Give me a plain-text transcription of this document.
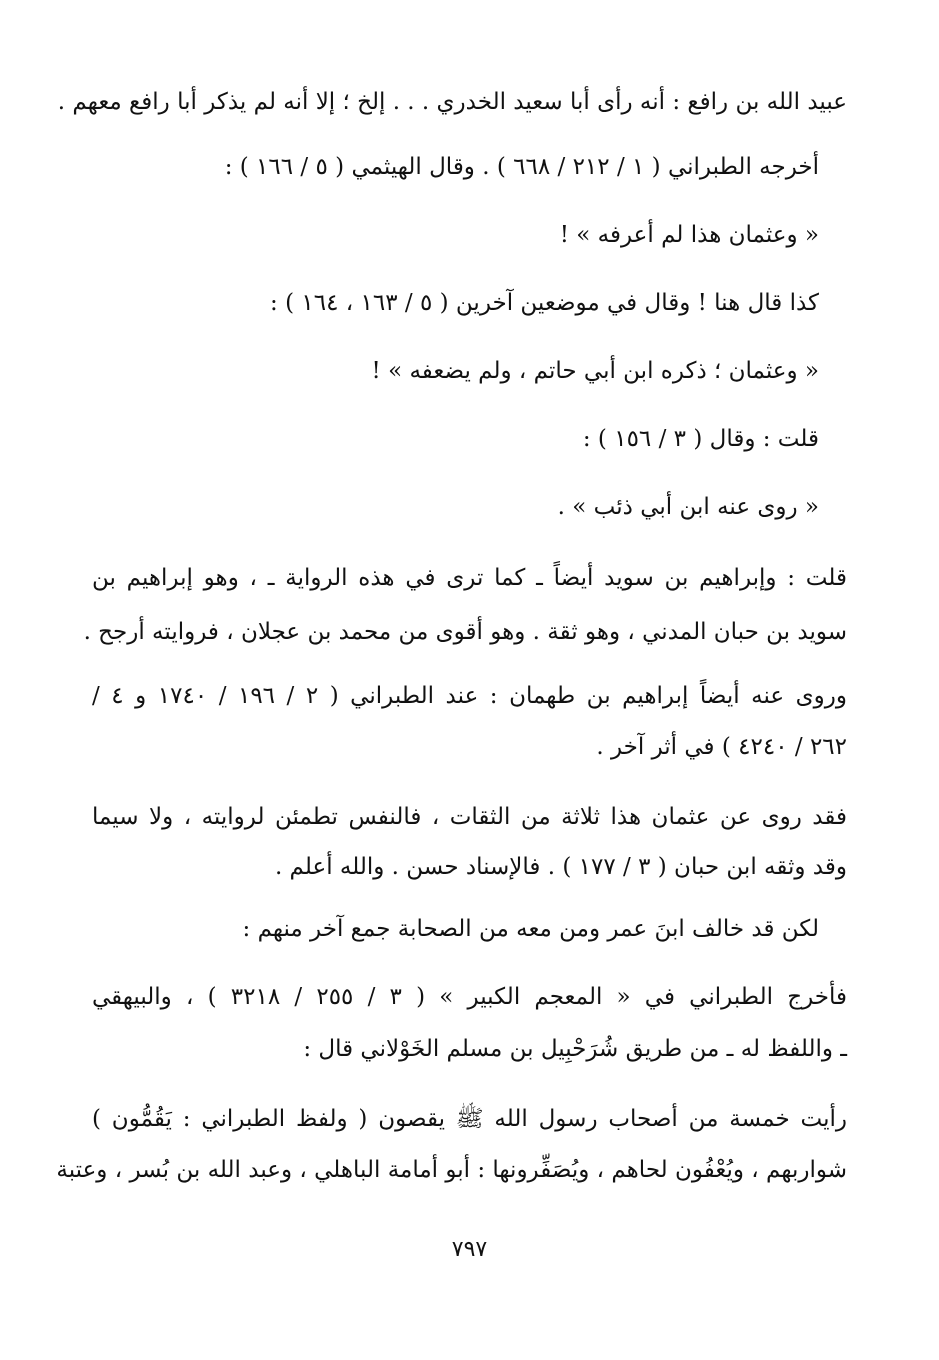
عبيد الله بن رافع : أنه رأى أبا سعيد الخدري . . . إلخ ؛ إلا أنه لم يذكر أبا رافع معهم .
أخرجه الطبراني ( ١ / ٢١٢ / ٦٦٨ ) . وقال الهيثمي ( ٥ / ١٦٦ ) :
« وعثمان هذا لم أعرفه » !
كذا قال هنا ! وقال في موضعين آخرين ( ٥ / ١٦٣ ، ١٦٤ ) :
« وعثمان ؛ ذكره ابن أبي حاتم ، ولم يضعفه » !
قلت : وقال ( ٣ / ١٥٦ ) :
« روى عنه ابن أبي ذئب » .
قلت : وإبراهيم بن سويد أيضاً ـ كما ترى في هذه الرواية ـ ، وهو إبراهيم بن
سويد بن حبان المدني ، وهو ثقة . وهو أقوى من محمد بن عجلان ، فروايته أرجح .
وروى عنه أيضاً إبراهيم بن طهمان : عند الطبراني ( ٢ / ١٩٦ / ١٧٤٠ و ٤ /
٢٦٢ / ٤٢٤٠ ) في أثر آخر .
فقد روى عن عثمان هذا ثلاثة من الثقات ، فالنفس تطمئن لروايته ، ولا سيما
وقد وثقه ابن حبان ( ٣ / ١٧٧ ) . فالإسناد حسن . والله أعلم .
لكن قد خالف ابنَ عمر ومن معه من الصحابة جمع آخر منهم :
فأخرج الطبراني في « المعجم الكبير » ( ٣ / ٢٥٥ / ٣٢١٨ ) ، والبيهقي
ـ واللفظ له ـ من طريق شُرَحْبِيل بن مسلم الخَوْلاني قال :
رأيت خمسة من أصحاب رسول الله ﷺ يقصون ( ولفظ الطبراني : يَقُمُّون )
شواربهم ، ويُعْفُون لحاهم ، ويُصَفِّرونها : أبو أمامة الباهلي ، وعبد الله بن بُسر ، وعتبة
٧٩٧
